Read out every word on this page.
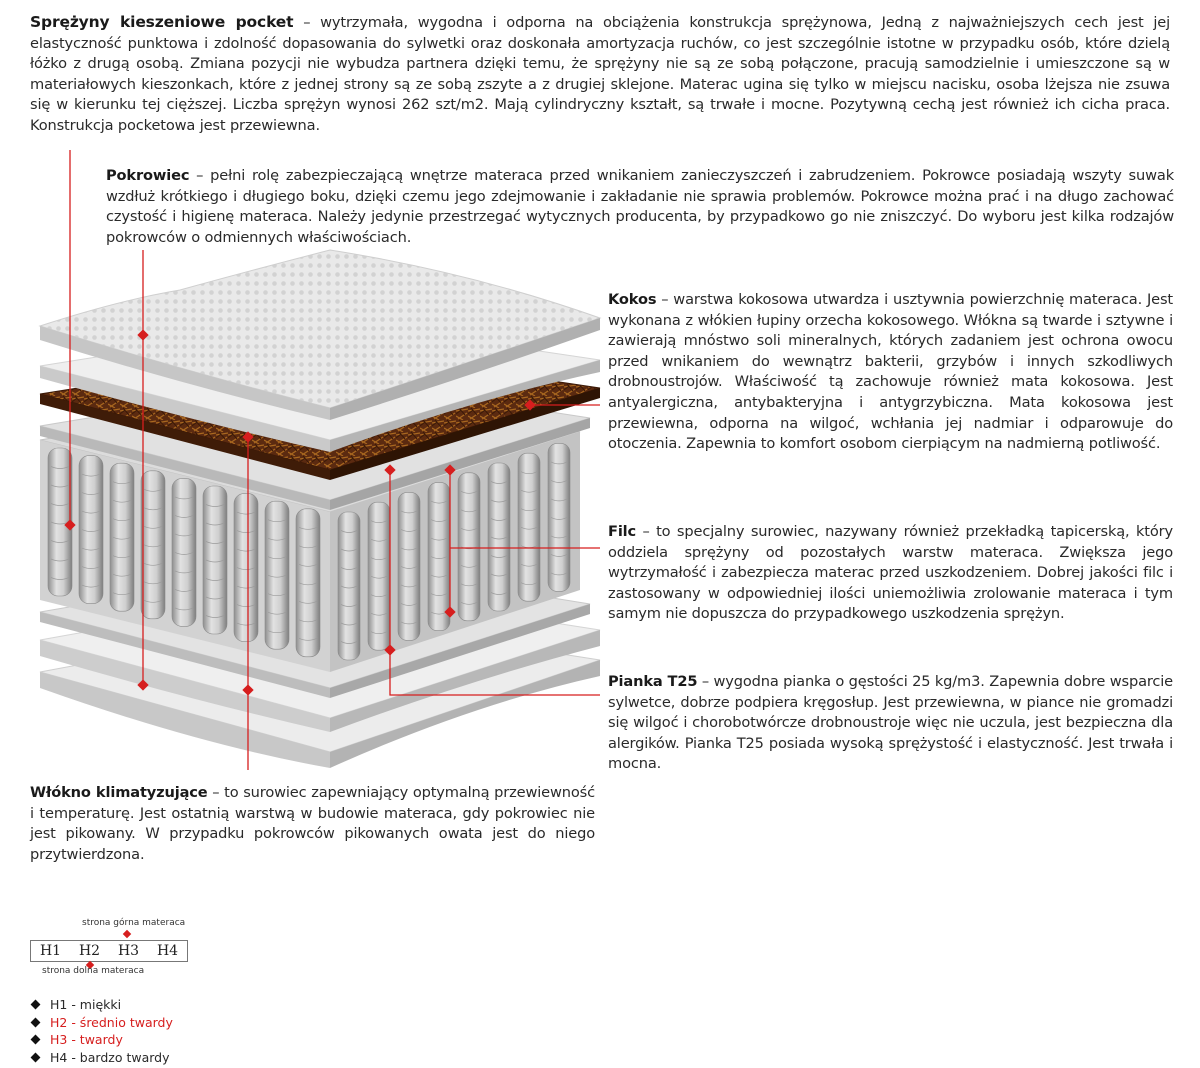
Sprężyny kieszeniowe pocket – wytrzymała, wygodna i odporna na obciążenia konstrukcja sprężynowa, Jedną z najważniejszych cech jest jej elastyczność punktowa i zdolność dopasowania do sylwetki oraz doskonała amortyzacja ruchów, co jest szczególnie istotne w przypadku osób, które dzielą łóżko z drugą osobą. Zmiana pozycji nie wybudza partnera dzięki temu, że sprężyny nie są ze sobą połączone, pracują samodzielnie i umieszczone są w materiałowych kieszonkach, które z jednej strony są ze sobą zszyte a z drugiej sklejone. Materac ugina się tylko w miejscu nacisku, osoba lżejsza nie zsuwa się w kierunku tej cięższej. Liczba sprężyn wynosi 262 szt/m2. Mają cylindryczny kształt, są trwałe i mocne. Pozytywną cechą jest również ich cicha praca. Konstrukcja pocketowa jest przewiewna.
Pokrowiec – pełni rolę zabezpieczającą wnętrze materaca przed wnikaniem zanieczyszczeń i zabrudzeniem. Pokrowce posiadają wszyty suwak wzdłuż krótkiego i długiego boku, dzięki czemu jego zdejmowanie i zakładanie nie sprawia problemów. Pokrowce można prać i na długo zachować czystość i higienę materaca. Należy jedynie przestrzegać wytycznych producenta, by przypadkowo go nie zniszczyć. Do wyboru jest kilka rodzajów pokrowców o odmiennych właściwościach.
Kokos – warstwa kokosowa utwardza i usztywnia powierzchnię materaca. Jest wykonana z włókien łupiny orzecha kokosowego. Włókna są twarde i sztywne i zawierają mnóstwo soli mineralnych, których zadaniem jest ochrona owocu przed wnikaniem do wewnątrz bakterii, grzybów i innych szkodliwych drobnoustrojów. Właściwość tą zachowuje również mata kokosowa. Jest antyalergiczna, antybakteryjna i antygrzybiczna. Mata kokosowa jest przewiewna, odporna na wilgoć, wchłania jej nadmiar i odparowuje do otoczenia. Zapewnia to komfort osobom cierpiącym na nadmierną potliwość.
Filc – to specjalny surowiec, nazywany również przekładką tapicerską, który oddziela sprężyny od pozostałych warstw materaca. Zwiększa jego wytrzymałość i zabezpiecza materac przed uszkodzeniem. Dobrej jakości filc i zastosowany w odpowiedniej ilości uniemożliwia zrolowanie materaca i tym samym nie dopuszcza do przypadkowego uszkodzenia sprężyn.
Pianka T25 – wygodna pianka o gęstości 25 kg/m3. Zapewnia dobre wsparcie sylwetce, dobrze podpiera kręgosłup. Jest przewiewna, w piance nie gromadzi się wilgoć i chorobotwórcze drobnoustroje więc nie uczula, jest bezpieczna dla alergików. Pianka T25 posiada wysoką sprężystość i elastyczność. Jest trwała i mocna.
Włókno klimatyzujące – to surowiec zapewniający optymalną przewiewność i temperaturę. Jest ostatnią warstwą w budowie materaca, gdy pokrowiec nie jest pikowany. W przypadku pokrowców pikowanych owata jest do niego przytwierdzona.
strona górna materaca
H1 H2 H3 H4
strona dolna materaca
H1 - miękki
H2 - średnio twardy
H3 - twardy
H4 - bardzo twardy
